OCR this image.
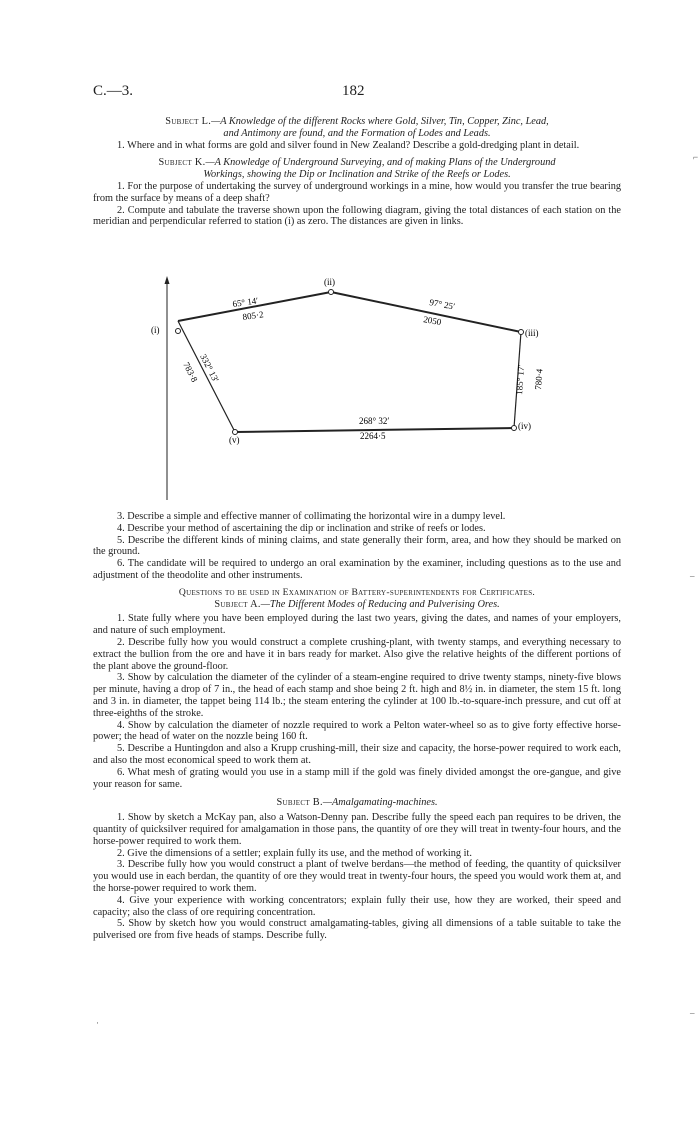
C.—3.	182

Subject L.—A Knowledge of the different Rocks where Gold, Silver, Tin, Copper, Zinc, Lead,
and Antimony are found, and the Formation of Lodes and Leads.

1. Where and in what forms are gold and silver found in New Zealand? Describe a gold-dredging plant in detail.

Subject K.—A Knowledge of Underground Surveying, and of making Plans of the Underground
Workings, showing the Dip or Inclination and Strike of the Reefs or Lodes.

1. For the purpose of undertaking the survey of underground workings in a mine, how would you transfer the true bearing from the surface by means of a deep shaft?

2. Compute and tabulate the traverse shown upon the following diagram, giving the total distances of each station on the meridian and perpendicular referred to station (i) as zero. The distances are given in links.

(i)
(ii)
(iii)
(iv)
(v)
65° 14′
805·2
97° 25′
2050
185° 17′ 780·4
268° 32′
2264·5
332° 13′
783·8

3. Describe a simple and effective manner of collimating the horizontal wire in a dumpy level.

4. Describe your method of ascertaining the dip or inclination and strike of reefs or lodes.

5. Describe the different kinds of mining claims, and state generally their form, area, and how they should be marked on the ground.

6. The candidate will be required to undergo an oral examination by the examiner, including questions as to the use and adjustment of the theodolite and other instruments.

Questions to be used in Examination of Battery-superintendents for Certificates.

Subject A.—The Different Modes of Reducing and Pulverising Ores.

1. State fully where you have been employed during the last two years, giving the dates, and names of your employers, and nature of such employment.

2. Describe fully how you would construct a complete crushing-plant, with twenty stamps, and everything necessary to extract the bullion from the ore and have it in bars ready for market. Also give the relative heights of the different portions of the plant above the ground-floor.

3. Show by calculation the diameter of the cylinder of a steam-engine required to drive twenty stamps, ninety-five blows per minute, having a drop of 7 in., the head of each stamp and shoe being 2 ft. high and 8½ in. in diameter, the stem 15 ft. long and 3 in. in diameter, the tappet being 114 lb.; the steam entering the cylinder at 100 lb.-to-square-inch pressure, and cut off at three-eighths of the stroke.

4. Show by calculation the diameter of nozzle required to work a Pelton water-wheel so as to give forty effective horse-power; the head of water on the nozzle being 160 ft.

5. Describe a Huntingdon and also a Krupp crushing-mill, their size and capacity, the horse-power required to work each, and also the most economical speed to work them at.

6. What mesh of grating would you use in a stamp mill if the gold was finely divided amongst the ore-gangue, and give your reason for same.

Subject B.—Amalgamating-machines.

1. Show by sketch a McKay pan, also a Watson-Denny pan. Describe fully the speed each pan requires to be driven, the quantity of quicksilver required for amalgamation in those pans, the quantity of ore they will treat in twenty-four hours, and the horse-power required to work them.

2. Give the dimensions of a settler; explain fully its use, and the method of working it.

3. Describe fully how you would construct a plant of twelve berdans—the method of feeding, the quantity of quicksilver you would use in each berdan, the quantity of ore they would treat in twenty-four hours, the speed you would work them at, and the horse-power required to work them.

4. Give your experience with working concentrators; explain fully their use, how they are worked, their speed and capacity; also the class of ore requiring concentration.

5. Show by sketch how you would construct amalgamating-tables, giving all dimensions of a table suitable to take the pulverised ore from five heads of stamps. Describe fully.

⌐
–
–
·
